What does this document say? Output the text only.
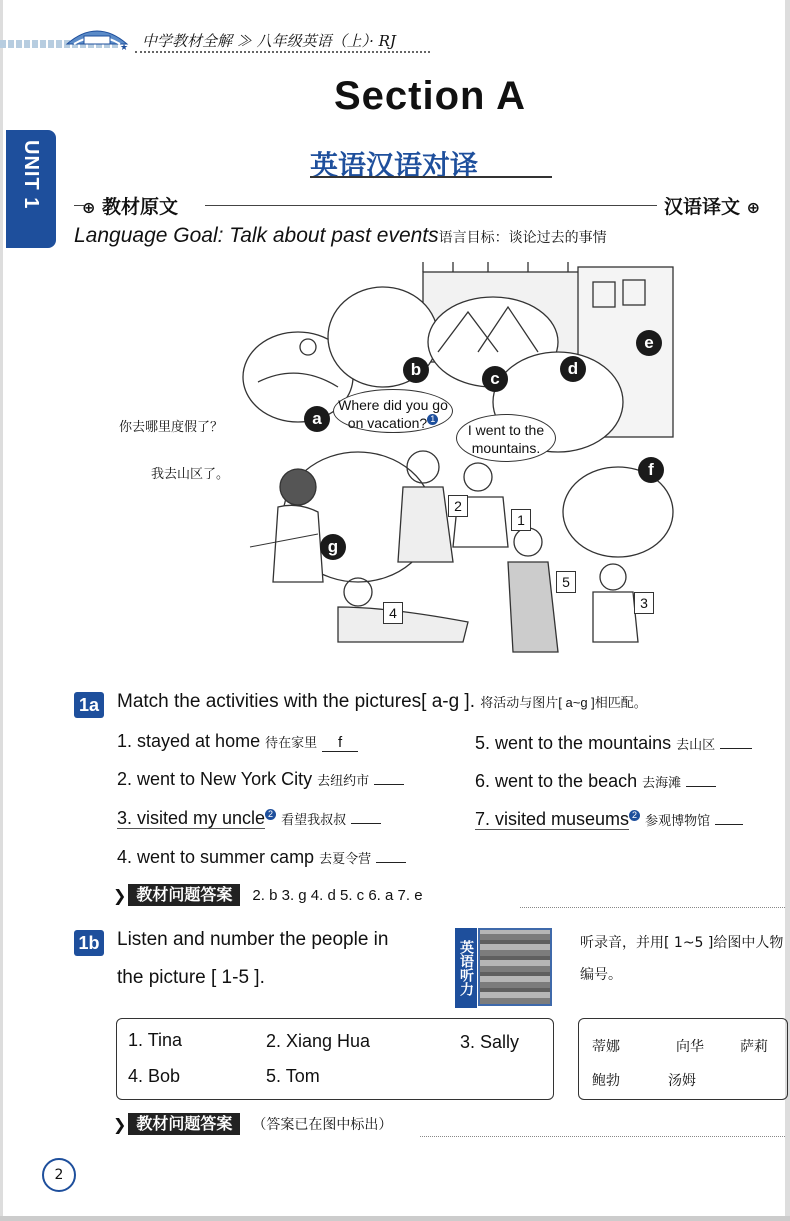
★ 中学教材全解 ≫ 八年级英语（上）· RJ
Section A
UNIT 1	英语汉语对译
⊕ 教材原文	汉语译文 ⊕
Language Goal: Talk about past events语言目标：谈论过去的事情
a
b	c
d
e
f
g
1
2
3
4
5
Where did you go on vacation? 1
I went to the mountains.
你去哪里度假了？
我去山区了。
1a Match the activities with the pictures[ a-g ]. 将活动与图片[ a~g ]相匹配。
1. stayed at home 待在家里 f
2. went to New York City 去纽约市
3. visited my uncle 2 看望我叔叔
4. went to summer camp 去夏令营
5. went to the mountains 去山区
6. went to the beach 去海滩
7. visited museums 2 参观博物馆
❯ 教材问题答案	2. b 3. g 4. d 5. c 6. a 7. e
1b Listen and number the people in
the picture [ 1-5 ].	英语听力	听录音，并用[ 1~5 ]给图中人物
编号。
1. Tina	2. Xiang Hua	3. Sally
4. Bob	5. Tom
蒂娜	向华	萨莉
鲍勃	汤姆
❯ 教材问题答案	（答案已在图中标出）
2
